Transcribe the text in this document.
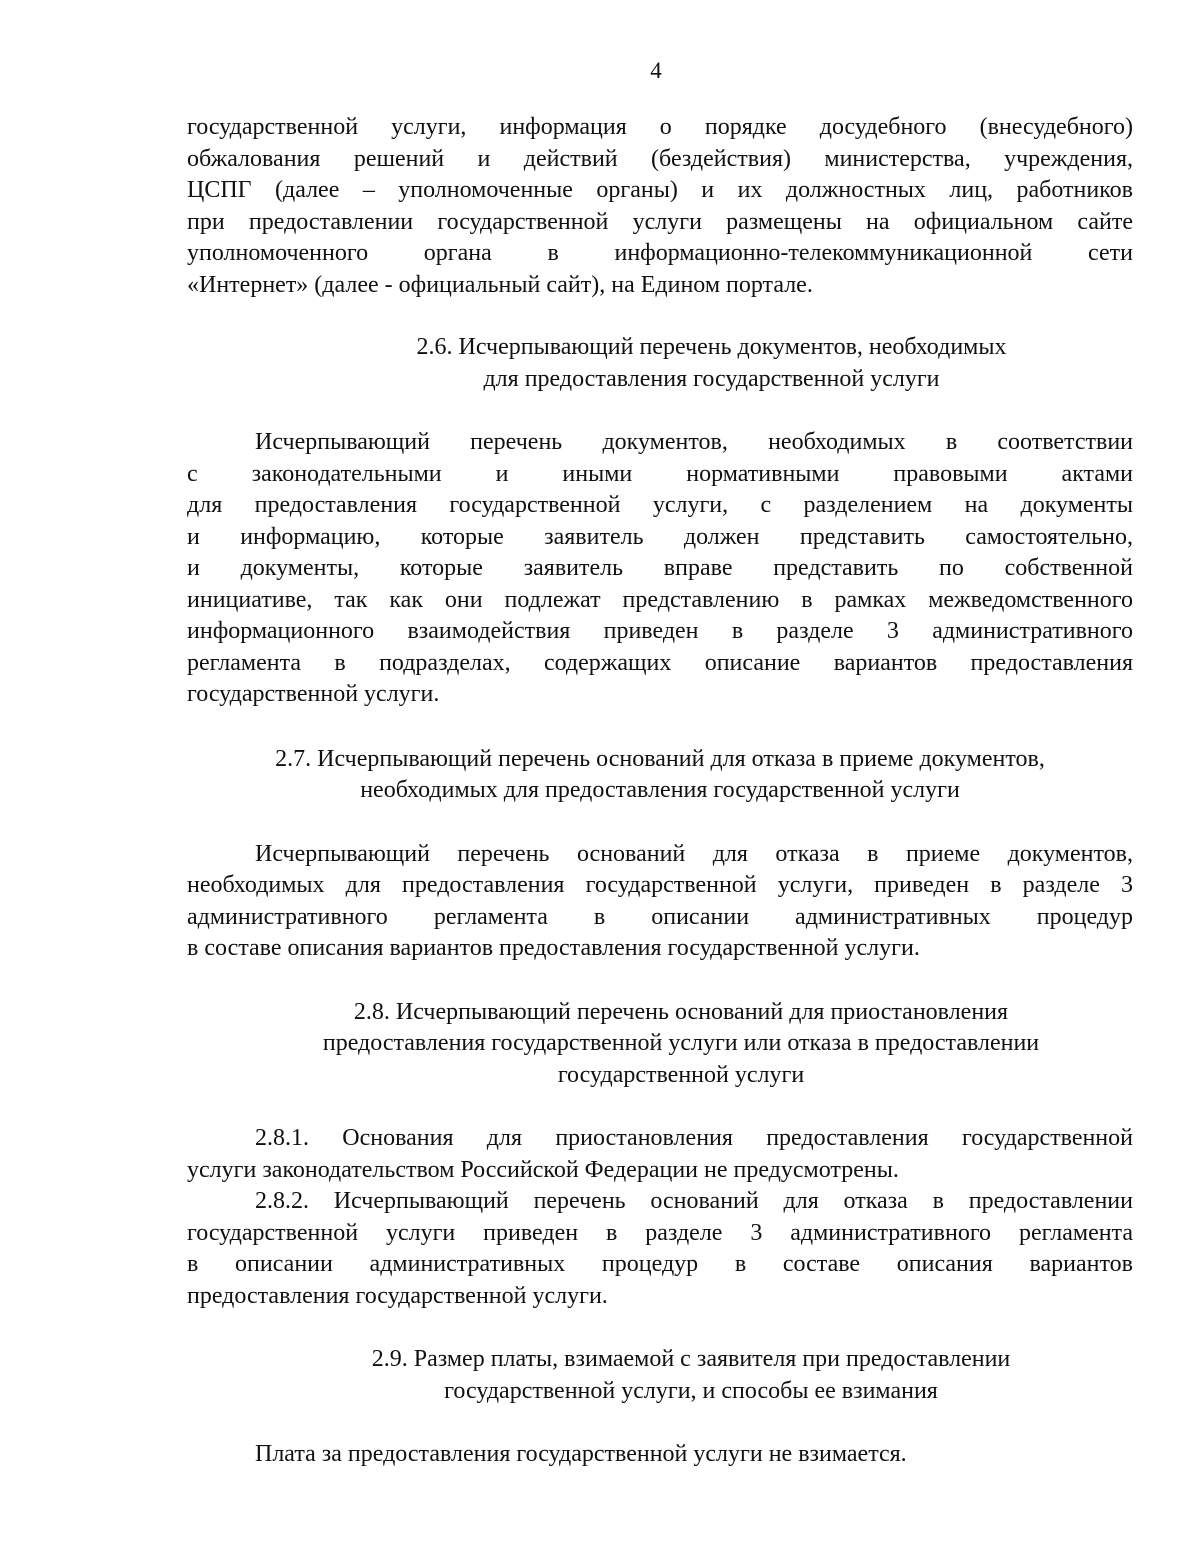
4
государственной услуги, информация о порядке досудебного (внесудебного)
обжалования решений и действий (бездействия) министерства, учреждения,
ЦСПГ (далее – уполномоченные органы) и их должностных лиц, работников
при предоставлении государственной услуги размещены на официальном сайте
уполномоченного органа в информационно-телекоммуникационной сети
«Интернет» (далее - официальный сайт), на Едином портале.
2.6. Исчерпывающий перечень документов, необходимых
для предоставления государственной услуги
Исчерпывающий перечень документов, необходимых в соответствии
с законодательными и иными нормативными правовыми актами
для предоставления государственной услуги, с разделением на документы
и информацию, которые заявитель должен представить самостоятельно,
и документы, которые заявитель вправе представить по собственной
инициативе, так как они подлежат представлению в рамках межведомственного
информационного взаимодействия приведен в разделе 3 административного
регламента в подразделах, содержащих описание вариантов предоставления
государственной услуги.
2.7. Исчерпывающий перечень оснований для отказа в приеме документов,
необходимых для предоставления государственной услуги
Исчерпывающий перечень оснований для отказа в приеме документов,
необходимых для предоставления государственной услуги, приведен в разделе 3
административного регламента в описании административных процедур
в составе описания вариантов предоставления государственной услуги.
2.8. Исчерпывающий перечень оснований для приостановления
предоставления государственной услуги или отказа в предоставлении
государственной услуги
2.8.1. Основания для приостановления предоставления государственной
услуги законодательством Российской Федерации не предусмотрены.
2.8.2. Исчерпывающий перечень оснований для отказа в предоставлении
государственной услуги приведен в разделе 3 административного регламента
в описании административных процедур в составе описания вариантов
предоставления государственной услуги.
2.9. Размер платы, взимаемой с заявителя при предоставлении
государственной услуги, и способы ее взимания
Плата за предоставления государственной услуги не взимается.
